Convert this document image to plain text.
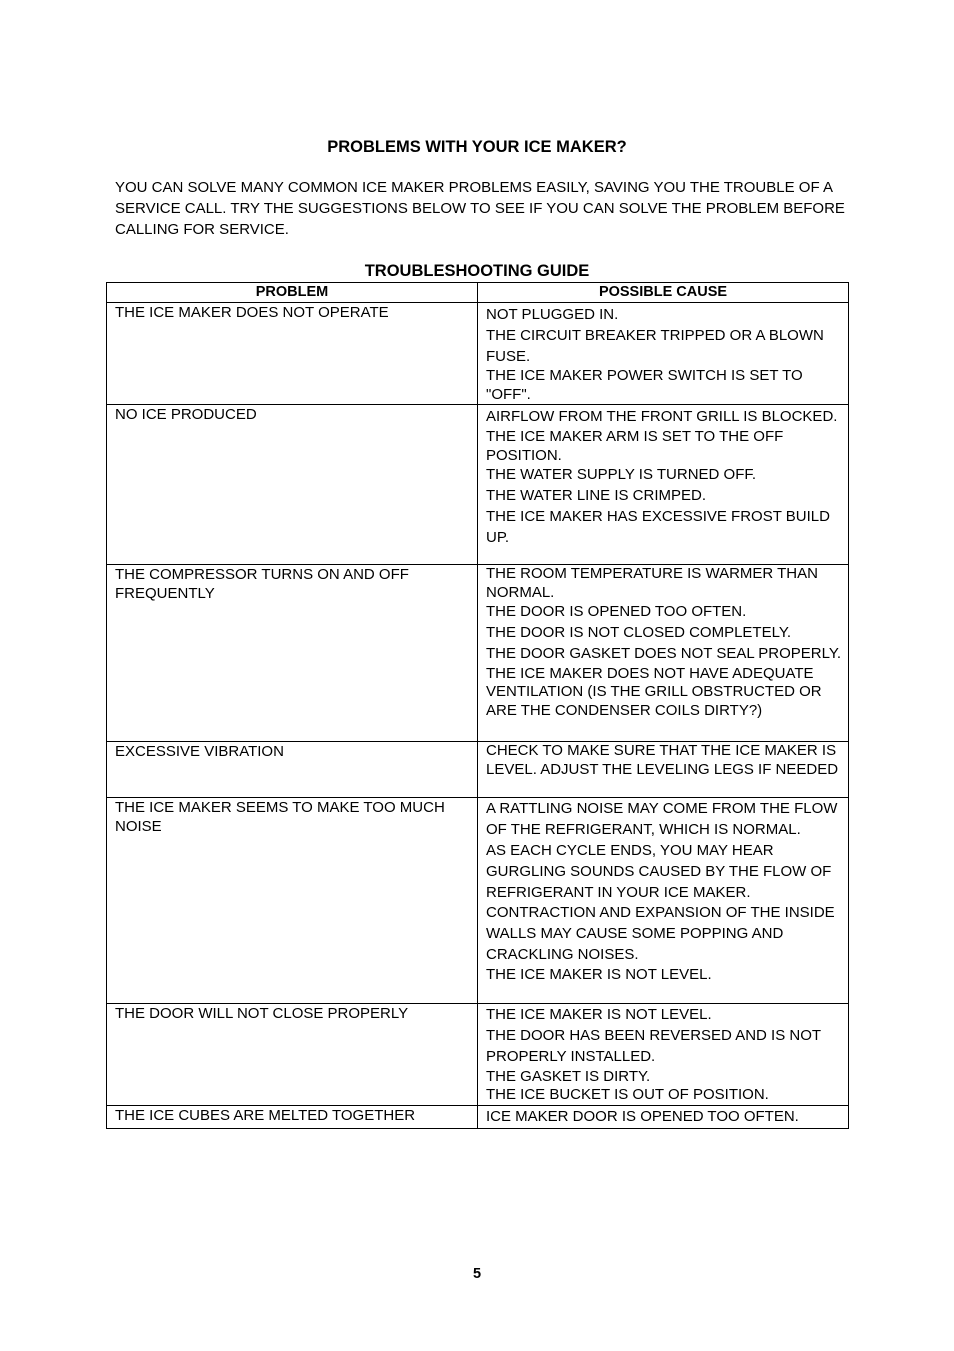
PROBLEMS WITH YOUR ICE MAKER?
YOU CAN SOLVE MANY COMMON ICE MAKER PROBLEMS EASILY, SAVING YOU THE TROUBLE OF A SERVICE CALL. TRY THE SUGGESTIONS BELOW TO SEE IF YOU CAN SOLVE THE PROBLEM BEFORE CALLING FOR SERVICE.
TROUBLESHOOTING GUIDE
PROBLEM	POSSIBLE CAUSE

THE ICE MAKER DOES NOT OPERATE	NOT PLUGGED IN.
THE CIRCUIT BREAKER TRIPPED OR A BLOWN FUSE.
THE ICE MAKER POWER SWITCH IS SET TO "OFF".

NO ICE PRODUCED	AIRFLOW FROM THE FRONT GRILL IS BLOCKED.
THE ICE MAKER ARM IS SET TO THE OFF POSITION.
THE WATER SUPPLY IS TURNED OFF.
THE WATER LINE IS CRIMPED.
THE ICE MAKER HAS EXCESSIVE FROST BUILD UP.

THE COMPRESSOR TURNS ON AND OFF FREQUENTLY	THE ROOM TEMPERATURE IS WARMER THAN NORMAL.
THE DOOR IS OPENED TOO OFTEN.
THE DOOR IS NOT CLOSED COMPLETELY.
THE DOOR GASKET DOES NOT SEAL PROPERLY.
THE ICE MAKER DOES NOT HAVE ADEQUATE VENTILATION (IS THE GRILL OBSTRUCTED OR ARE THE CONDENSER COILS DIRTY?)

EXCESSIVE VIBRATION	CHECK TO MAKE SURE THAT THE ICE MAKER IS LEVEL. ADJUST THE LEVELING LEGS IF NEEDED

THE ICE MAKER SEEMS TO MAKE TOO MUCH NOISE	A RATTLING NOISE MAY COME FROM THE FLOW OF THE REFRIGERANT, WHICH IS NORMAL.
AS EACH CYCLE ENDS, YOU MAY HEAR GURGLING SOUNDS CAUSED BY THE FLOW OF REFRIGERANT IN YOUR ICE MAKER.
CONTRACTION AND EXPANSION OF THE INSIDE WALLS MAY CAUSE SOME POPPING AND CRACKLING NOISES.
THE ICE MAKER IS NOT LEVEL.

THE DOOR WILL NOT CLOSE PROPERLY	THE ICE MAKER IS NOT LEVEL.
THE DOOR HAS BEEN REVERSED AND IS NOT PROPERLY INSTALLED.
THE GASKET IS DIRTY.
THE ICE BUCKET IS OUT OF POSITION.

THE ICE CUBES ARE MELTED TOGETHER	ICE MAKER DOOR IS OPENED TOO OFTEN.
5
